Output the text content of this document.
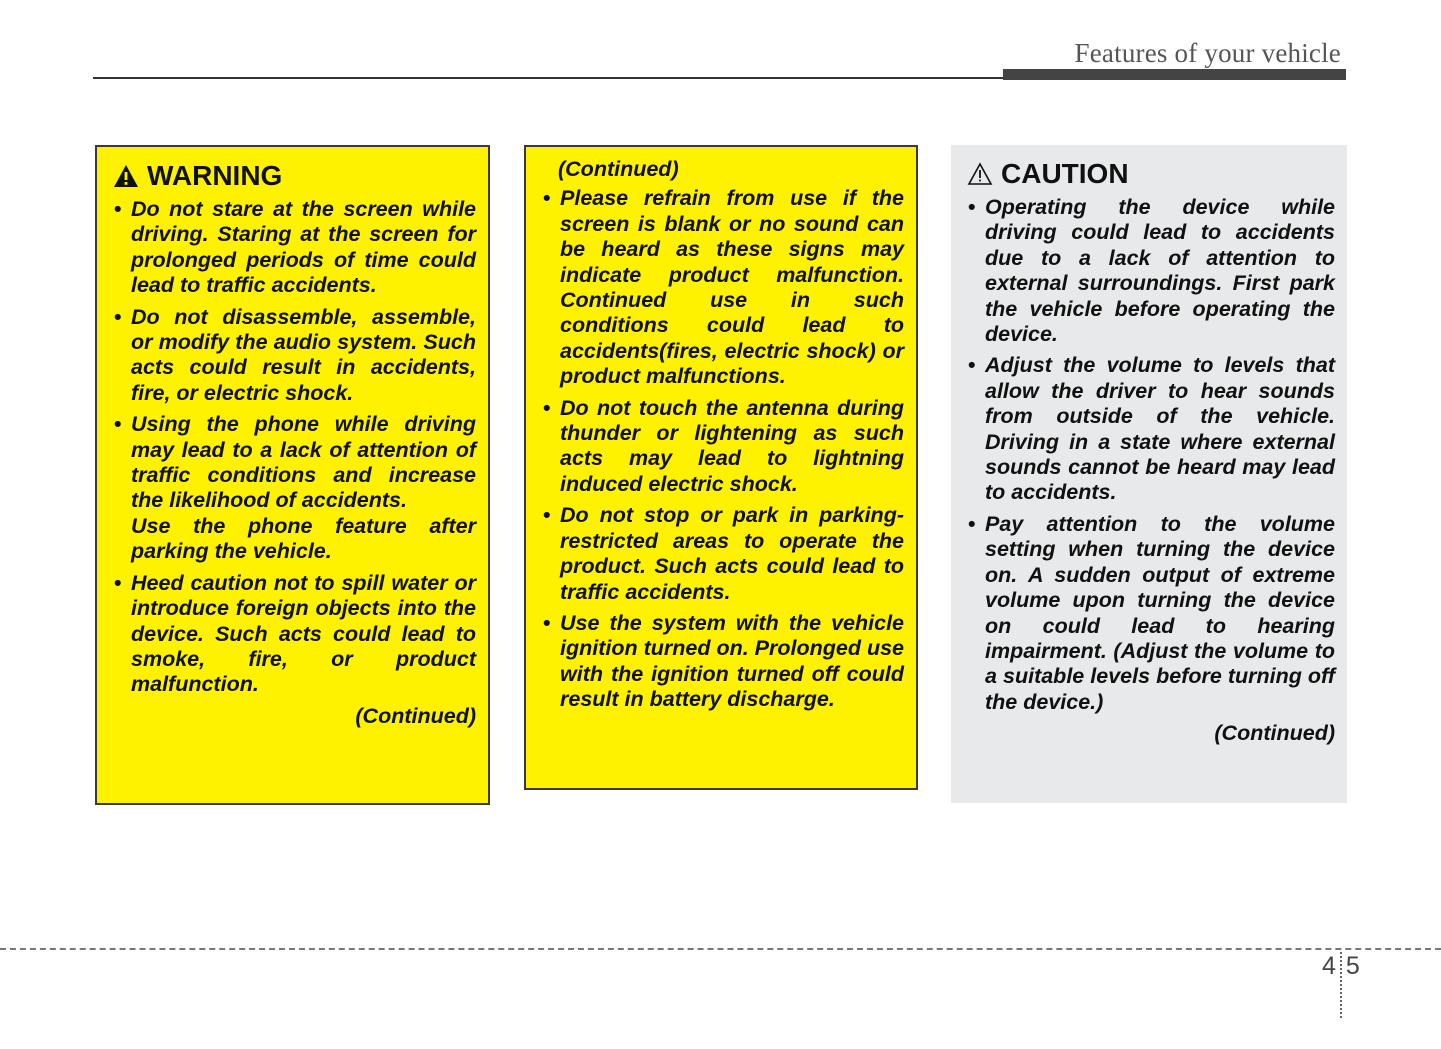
Features of your vehicle
WARNING
• Do not stare at the screen while driving. Staring at the screen for prolonged periods of time could lead to traffic accidents.
• Do not disassemble, assemble, or modify the audio system. Such acts could result in accidents, fire, or electric shock.
• Using the phone while driving may lead to a lack of attention of traffic conditions and increase the likelihood of accidents.
Use the phone feature after parking the vehicle.
• Heed caution not to spill water or introduce foreign objects into the device. Such acts could lead to smoke, fire, or product malfunction.
(Continued)
(Continued)
• Please refrain from use if the screen is blank or no sound can be heard as these signs may indicate product malfunction. Continued use in such conditions could lead to accidents(fires, electric shock) or product malfunctions.
• Do not touch the antenna during thunder or lightening as such acts may lead to lightning induced electric shock.
• Do not stop or park in parking-restricted areas to operate the product. Such acts could lead to traffic accidents.
• Use the system with the vehicle ignition turned on. Prolonged use with the ignition turned off could result in battery discharge.
CAUTION
• Operating the device while driving could lead to accidents due to a lack of attention to external surroundings. First park the vehicle before operating the device.
• Adjust the volume to levels that allow the driver to hear sounds from outside of the vehicle. Driving in a state where external sounds cannot be heard may lead to accidents.
• Pay attention to the volume setting when turning the device on. A sudden output of extreme volume upon turning the device on could lead to hearing impairment. (Adjust the volume to a suitable levels before turning off the device.)
(Continued)
4 5
